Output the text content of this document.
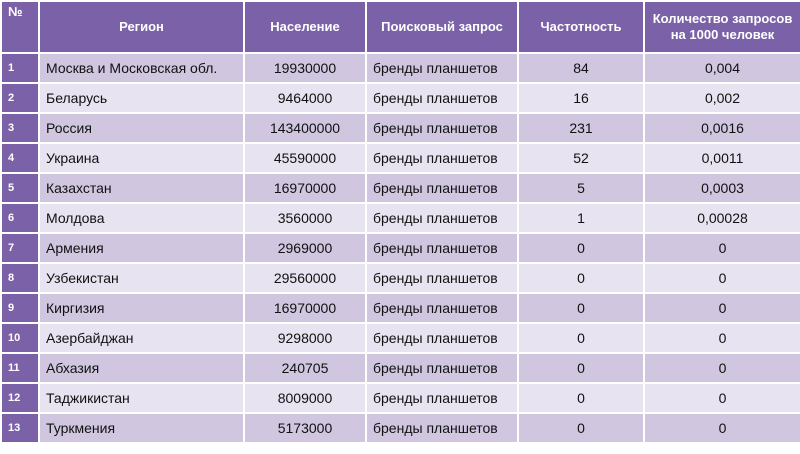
№	Регион	Население	Поисковый запрос	Частотность	Количество запросов на 1000 человек
1	Москва и Московская обл.	19930000	бренды планшетов	84	0,004
2	Беларусь	9464000	бренды планшетов	16	0,002
3	Россия	143400000	бренды планшетов	231	0,0016
4	Украина	45590000	бренды планшетов	52	0,0011
5	Казахстан	16970000	бренды планшетов	5	0,0003
6	Молдова	3560000	бренды планшетов	1	0,00028
7	Армения	2969000	бренды планшетов	0	0
8	Узбекистан	29560000	бренды планшетов	0	0
9	Киргизия	16970000	бренды планшетов	0	0
10	Азербайджан	9298000	бренды планшетов	0	0
11	Абхазия	240705	бренды планшетов	0	0
12	Таджикистан	8009000	бренды планшетов	0	0
13	Туркмения	5173000	бренды планшетов	0	0
